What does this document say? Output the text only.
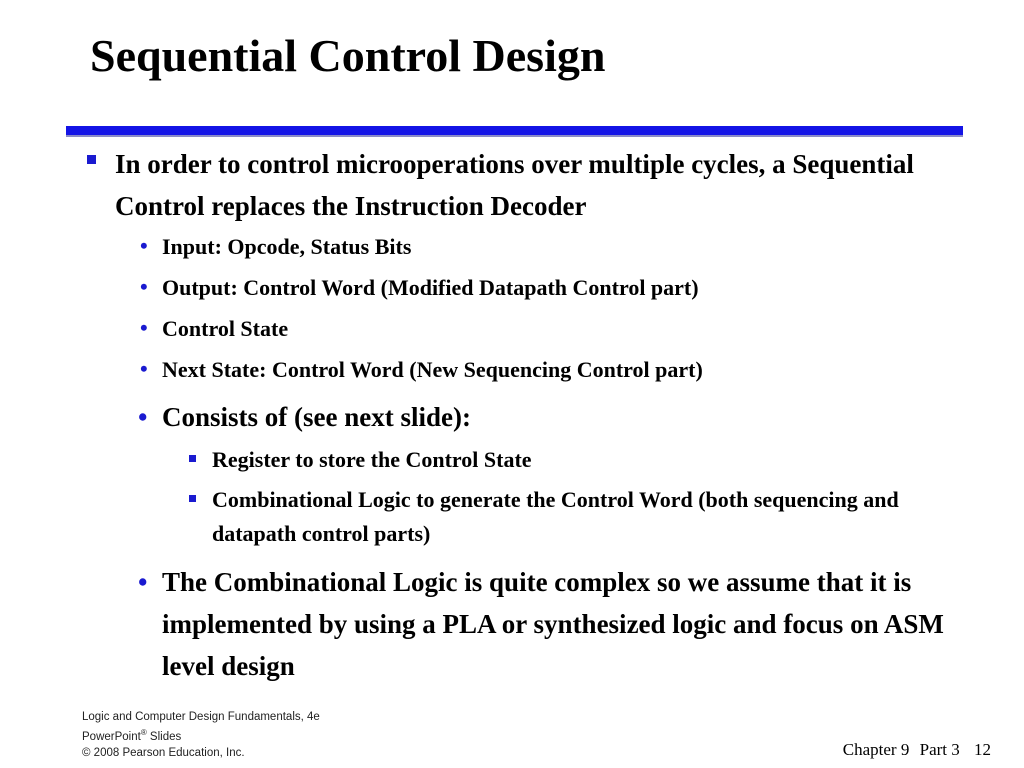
Sequential Control Design
In order to control microoperations over multiple cycles, a Sequential Control replaces the Instruction Decoder
• Input: Opcode, Status Bits
• Output: Control Word (Modified Datapath Control part)
• Control State
• Next State: Control Word (New Sequencing Control part)
• Consists of (see next slide):
Register to store the Control State
Combinational Logic to generate the Control Word (both sequencing and datapath control parts)
• The Combinational Logic is quite complex so we assume that it is implemented by using a PLA or synthesized logic and focus on ASM level design
Logic and Computer Design Fundamentals, 4e
PowerPoint® Slides
© 2008 Pearson Education, Inc.	Chapter 9 Part 3 12
